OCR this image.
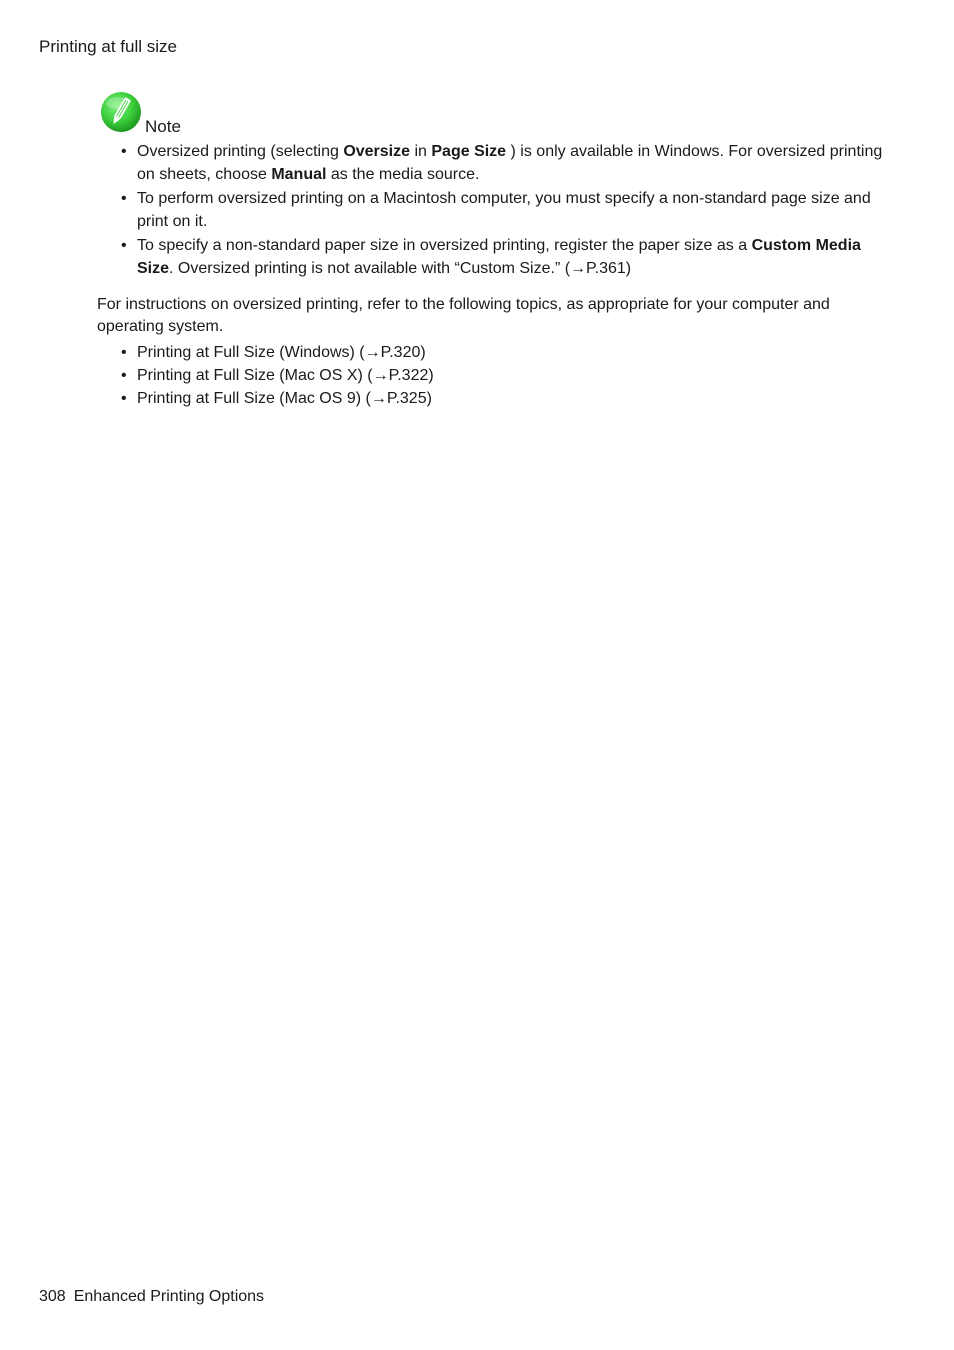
Printing at full size
Note
• Oversized printing (selecting Oversize in Page Size ) is only available in Windows. For oversized printing on sheets, choose Manual as the media source.
• To perform oversized printing on a Macintosh computer, you must specify a non-standard page size and print on it.
• To specify a non-standard paper size in oversized printing, register the paper size as a Custom Media Size. Oversized printing is not available with “Custom Size.” (→P.361)

For instructions on oversized printing, refer to the following topics, as appropriate for your computer and operating system.

• Printing at Full Size (Windows) (→P.320)
• Printing at Full Size (Mac OS X) (→P.322)
• Printing at Full Size (Mac OS 9) (→P.325)
308 Enhanced Printing Options
